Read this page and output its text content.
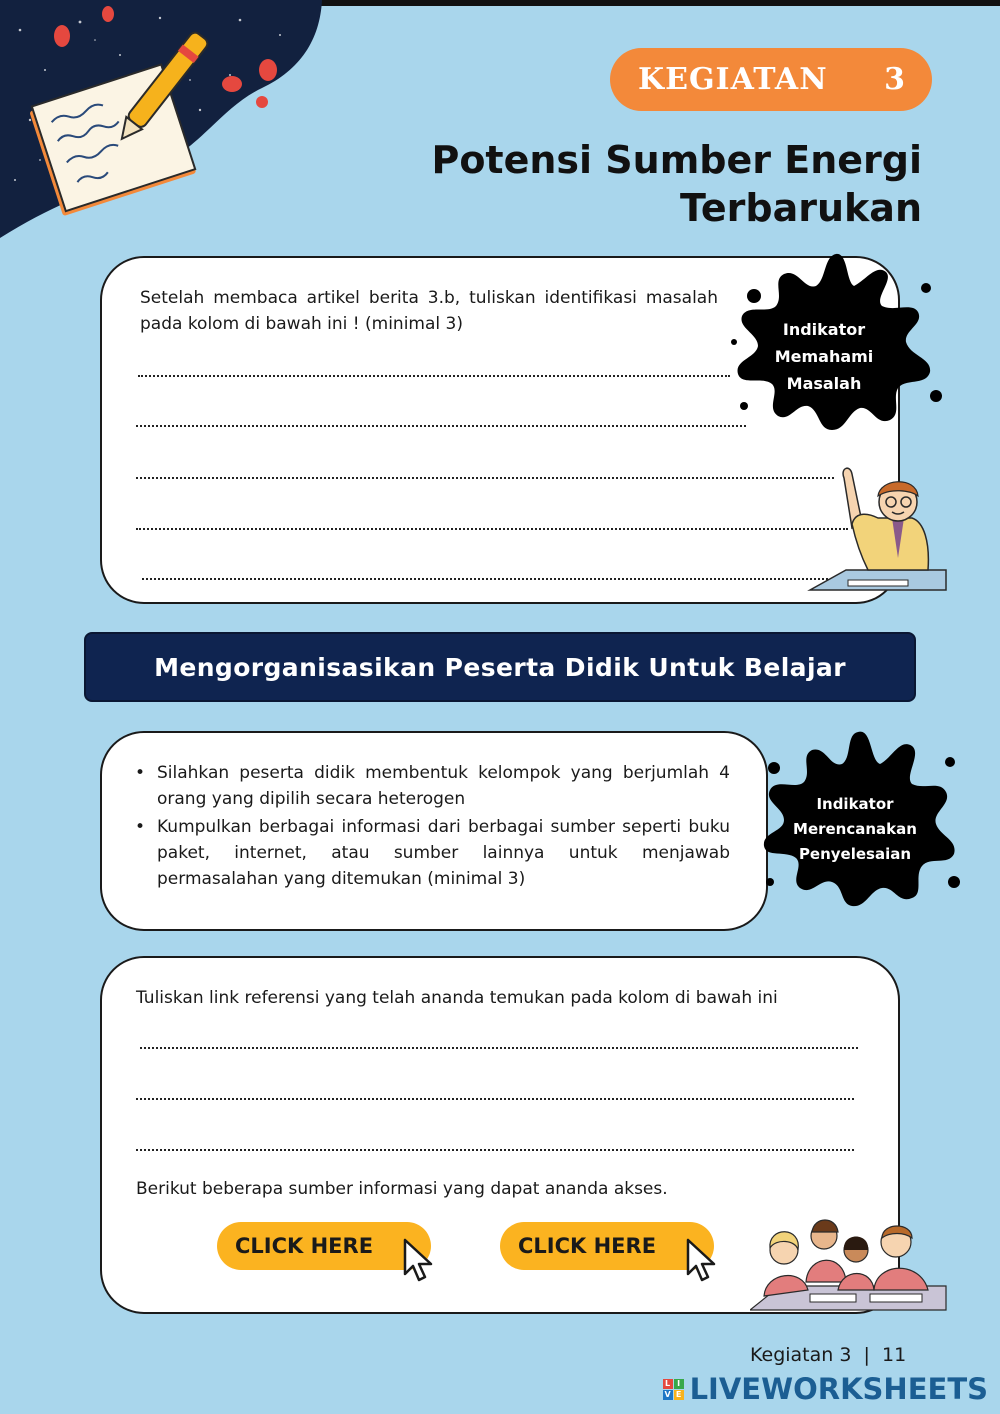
KEGIATAN 3
Potensi Sumber Energi
Terbarukan
Setelah membaca artikel berita 3.b, tuliskan identifikasi masalah pada kolom di bawah ini ! (minimal 3)	Indikator
Memahami
Masalah
Mengorganisasikan Peserta Didik Untuk Belajar
• Silahkan peserta didik membentuk kelompok yang berjumlah 4 orang yang dipilih secara heterogen
• Kumpulkan berbagai informasi dari berbagai sumber seperti buku paket, internet, atau sumber lainnya untuk menjawab permasalahan yang ditemukan (minimal 3)
Indikator
Merencanakan
Penyelesaian
Tuliskan link referensi yang telah ananda temukan pada kolom di bawah ini
Berikut beberapa sumber informasi yang dapat ananda akses.
CLICK HERE	CLICK HERE
Kegiatan 3  |  11
L I
V E LIVEWORKSHEETS
